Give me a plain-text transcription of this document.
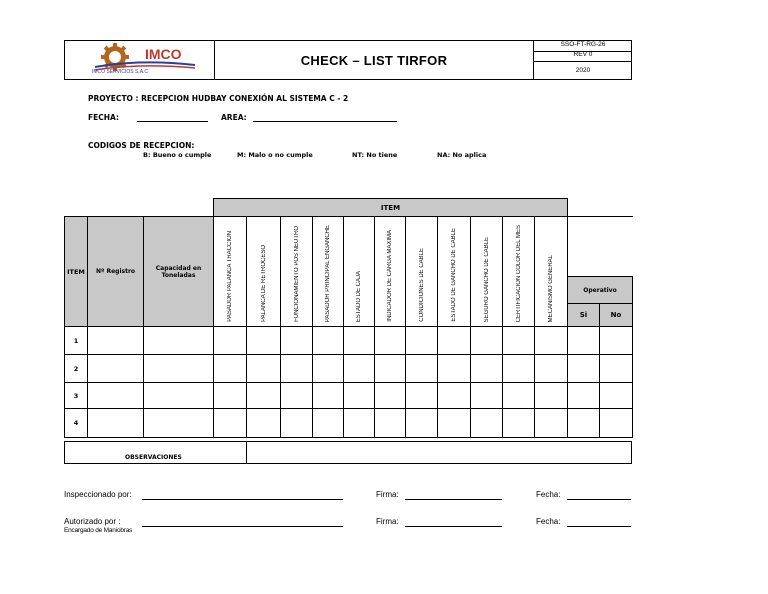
IMCO
IMCO SERVICIOS S.A.C
CHECK – LIST TIRFOR
SSO-FT-RG-26
REV 0
2020
PROYECTO : RECEPCION HUDBAY CONEXIÓN AL SISTEMA C - 2
FECHA:	AREA:
CODIGOS DE RECEPCION:
B: Bueno o cumple	M: Malo o no cumple	NT: No tiene	NA: No aplica
			ITEM												
ITEM	Nº Registro	Capacidad en Toneladas	PASADOR PALANCA TRACCION	PALANCA DE RETROCESO	FUNCIONAMIENTO POS NEUTRO	PASADOR PRINCIPAL ENGANCHE	ESTADO DE CAJA	INDICADOR DE CARGA MAXIMA	CONDICIONES DE CABLE	ESTADO DE GANCHO DE CABLE	SEGURO GANCHO DE CABLE	CERTIFICACION COLOR DEL MES	MECANISMO GENERAL		
														Operativo	
														Si	No
1															
2															
3															
4															
OBSERVACIONES
Inspeccionado por:	Firma:	Fecha:
Autorizado por :
Encargado de Maniobras
Firma:	Fecha:
